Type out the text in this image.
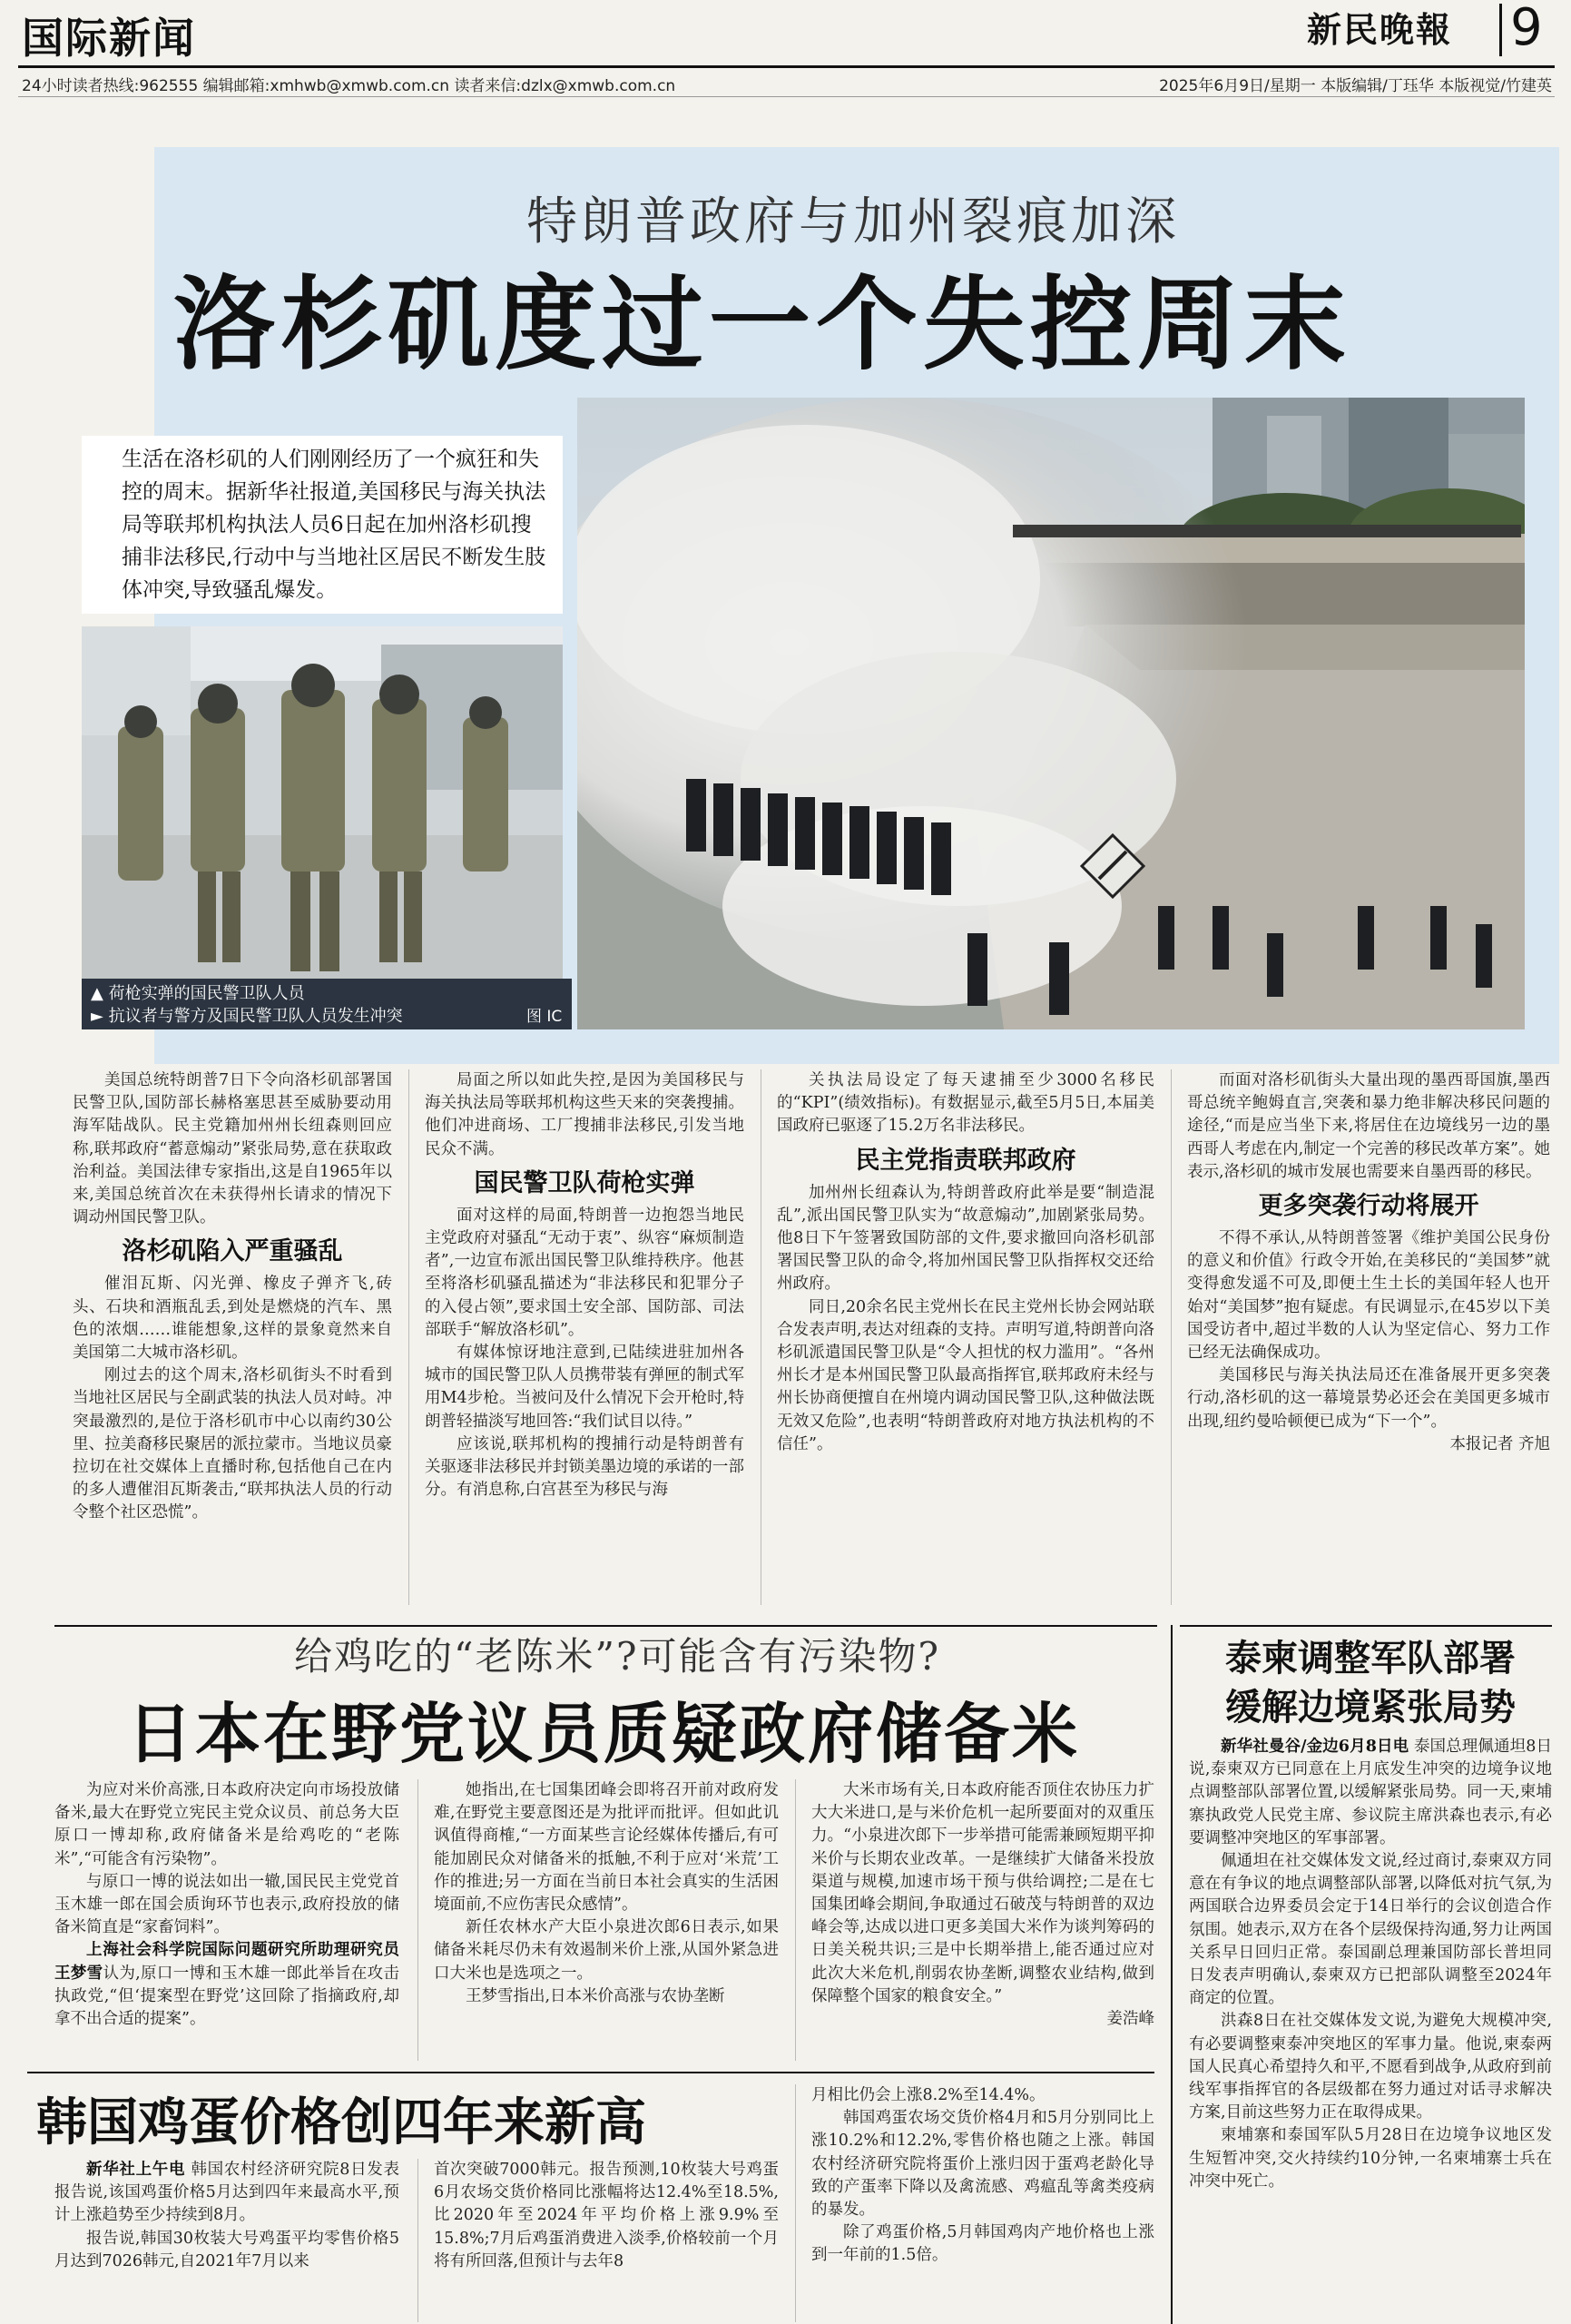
国际新闻	新民晚報 9
24小时读者热线:962555 编辑邮箱:xmhwb@xmwb.com.cn 读者来信:dzlx@xmwb.com.cn	2025年6月9日/星期一 本版编辑/丁珏华 本版视觉/竹建英
特朗普政府与加州裂痕加深
洛杉矶度过一个失控周末
生活在洛杉矶的人们刚刚经历了一个疯狂和失控的周末。据新华社报道,美国移民与海关执法局等联邦机构执法人员6日起在加州洛杉矶搜捕非法移民,行动中与当地社区居民不断发生肢体冲突,导致骚乱爆发。
▲ 荷枪实弹的国民警卫队人员
► 抗议者与警方及国民警卫队人员发生冲突	图 IC

美国总统特朗普7日下令向洛杉矶部署国民警卫队,国防部长赫格塞思甚至威胁要动用海军陆战队。民主党籍加州州长纽森则回应称,联邦政府“蓄意煽动”紧张局势,意在获取政治利益。美国法律专家指出,这是自1965年以来,美国总统首次在未获得州长请求的情况下调动州国民警卫队。

洛杉矶陷入严重骚乱

催泪瓦斯、闪光弹、橡皮子弹齐飞,砖头、石块和酒瓶乱丢,到处是燃烧的汽车、黑色的浓烟……谁能想象,这样的景象竟然来自美国第二大城市洛杉矶。

刚过去的这个周末,洛杉矶街头不时看到当地社区居民与全副武装的执法人员对峙。冲突最激烈的,是位于洛杉矶市中心以南约30公里、拉美裔移民聚居的派拉蒙市。当地议员豪拉切在社交媒体上直播时称,包括他自己在内的多人遭催泪瓦斯袭击,“联邦执法人员的行动令整个社区恐慌”。

局面之所以如此失控,是因为美国移民与海关执法局等联邦机构这些天来的突袭搜捕。他们冲进商场、工厂搜捕非法移民,引发当地民众不满。

国民警卫队荷枪实弹

面对这样的局面,特朗普一边抱怨当地民主党政府对骚乱“无动于衷”、纵容“麻烦制造者”,一边宣布派出国民警卫队维持秩序。他甚至将洛杉矶骚乱描述为“非法移民和犯罪分子的入侵占领”,要求国土安全部、国防部、司法部联手“解放洛杉矶”。

有媒体惊讶地注意到,已陆续进驻加州各城市的国民警卫队人员携带装有弹匣的制式军用M4步枪。当被问及什么情况下会开枪时,特朗普轻描淡写地回答:“我们试目以待。”

应该说,联邦机构的搜捕行动是特朗普有关驱逐非法移民并封锁美墨边境的承诺的一部分。有消息称,白宫甚至为移民与海

关执法局设定了每天逮捕至少3000名移民的“KPI”(绩效指标)。有数据显示,截至5月5日,本届美国政府已驱逐了15.2万名非法移民。

民主党指责联邦政府

加州州长纽森认为,特朗普政府此举是要“制造混乱”,派出国民警卫队实为“故意煽动”,加剧紧张局势。他8日下午签署致国防部的文件,要求撤回向洛杉矶部署国民警卫队的命令,将加州国民警卫队指挥权交还给州政府。

同日,20余名民主党州长在民主党州长协会网站联合发表声明,表达对纽森的支持。声明写道,特朗普向洛杉矶派遣国民警卫队是“令人担忧的权力滥用”。“各州州长才是本州国民警卫队最高指挥官,联邦政府未经与州长协商便擅自在州境内调动国民警卫队,这种做法既无效又危险”,也表明“特朗普政府对地方执法机构的不信任”。

而面对洛杉矶街头大量出现的墨西哥国旗,墨西哥总统辛鲍姆直言,突袭和暴力绝非解决移民问题的途径,“而是应当坐下来,将居住在边境线另一边的墨西哥人考虑在内,制定一个完善的移民改革方案”。她表示,洛杉矶的城市发展也需要来自墨西哥的移民。

更多突袭行动将展开

不得不承认,从特朗普签署《维护美国公民身份的意义和价值》行政令开始,在美移民的“美国梦”就变得愈发遥不可及,即便土生土长的美国年轻人也开始对“美国梦”抱有疑虑。有民调显示,在45岁以下美国受访者中,超过半数的人认为坚定信心、努力工作已经无法确保成功。

美国移民与海关执法局还在准备展开更多突袭行动,洛杉矶的这一幕境景势必还会在美国更多城市出现,纽约曼哈顿便已成为“下一个”。

本报记者 齐旭

给鸡吃的“老陈米”?可能含有污染物?
日本在野党议员质疑政府储备米

为应对米价高涨,日本政府决定向市场投放储备米,最大在野党立宪民主党众议员、前总务大臣原口一博却称,政府储备米是给鸡吃的“老陈米”,“可能含有污染物”。

与原口一博的说法如出一辙,国民民主党党首玉木雄一郎在国会质询环节也表示,政府投放的储备米简直是“家畜饲料”。

上海社会科学院国际问题研究所助理研究员王梦雪认为,原口一博和玉木雄一郎此举旨在攻击执政党,“但‘提案型在野党’这回除了指摘政府,却拿不出合适的提案”。

她指出,在七国集团峰会即将召开前对政府发难,在野党主要意图还是为批评而批评。但如此讥讽值得商榷,“一方面某些言论经媒体传播后,有可能加剧民众对储备米的抵触,不利于应对‘米荒’工作的推进;另一方面在当前日本社会真实的生活困境面前,不应伤害民众感情”。

新任农林水产大臣小泉进次郎6日表示,如果储备米耗尽仍未有效遏制米价上涨,从国外紧急进口大米也是选项之一。

王梦雪指出,日本米价高涨与农协垄断

大米市场有关,日本政府能否顶住农协压力扩大大米进口,是与米价危机一起所要面对的双重压力。“小泉进次郎下一步举措可能需兼顾短期平抑米价与长期农业改革。一是继续扩大储备米投放渠道与规模,加速市场干预与供给调控;二是在七国集团峰会期间,争取通过石破茂与特朗普的双边峰会等,达成以进口更多美国大米作为谈判筹码的日美关税共识;三是中长期举措上,能否通过应对此次大米危机,削弱农协垄断,调整农业结构,做到保障整个国家的粮食安全。”

姜浩峰

韩国鸡蛋价格创四年来新高

新华社上午电 韩国农村经济研究院8日发表报告说,该国鸡蛋价格5月达到四年来最高水平,预计上涨趋势至少持续到8月。

报告说,韩国30枚装大号鸡蛋平均零售价格5月达到7026韩元,自2021年7月以来

首次突破7000韩元。报告预测,10枚装大号鸡蛋6月农场交货价格同比涨幅将达12.4%至18.5%,比2020年至2024年平均价格上涨9.9%至15.8%;7月后鸡蛋消费进入淡季,价格较前一个月将有所回落,但预计与去年8

月相比仍会上涨8.2%至14.4%。

韩国鸡蛋农场交货价格4月和5月分别同比上涨10.2%和12.2%,零售价格也随之上涨。韩国农村经济研究院将蛋价上涨归因于蛋鸡老龄化导致的产蛋率下降以及禽流感、鸡瘟乱等禽类疫病的暴发。

除了鸡蛋价格,5月韩国鸡肉产地价格也上涨到一年前的1.5倍。

泰柬调整军队部署
缓解边境紧张局势

新华社曼谷/金边6月8日电 泰国总理佩通坦8日说,泰柬双方已同意在上月底发生冲突的边境争议地点调整部队部署位置,以缓解紧张局势。同一天,柬埔寨执政党人民党主席、参议院主席洪森也表示,有必要调整冲突地区的军事部署。

佩通坦在社交媒体发文说,经过商讨,泰柬双方同意在有争议的地点调整部队部署,以降低对抗气氛,为两国联合边界委员会定于14日举行的会议创造合作氛围。她表示,双方在各个层级保持沟通,努力让两国关系早日回归正常。泰国副总理兼国防部长普坦同日发表声明确认,泰柬双方已把部队调整至2024年商定的位置。

洪森8日在社交媒体发文说,为避免大规模冲突,有必要调整柬泰冲突地区的军事力量。他说,柬泰两国人民真心希望持久和平,不愿看到战争,从政府到前线军事指挥官的各层级都在努力通过对话寻求解决方案,目前这些努力正在取得成果。

柬埔寨和泰国军队5月28日在边境争议地区发生短暂冲突,交火持续约10分钟,一名柬埔寨士兵在冲突中死亡。
